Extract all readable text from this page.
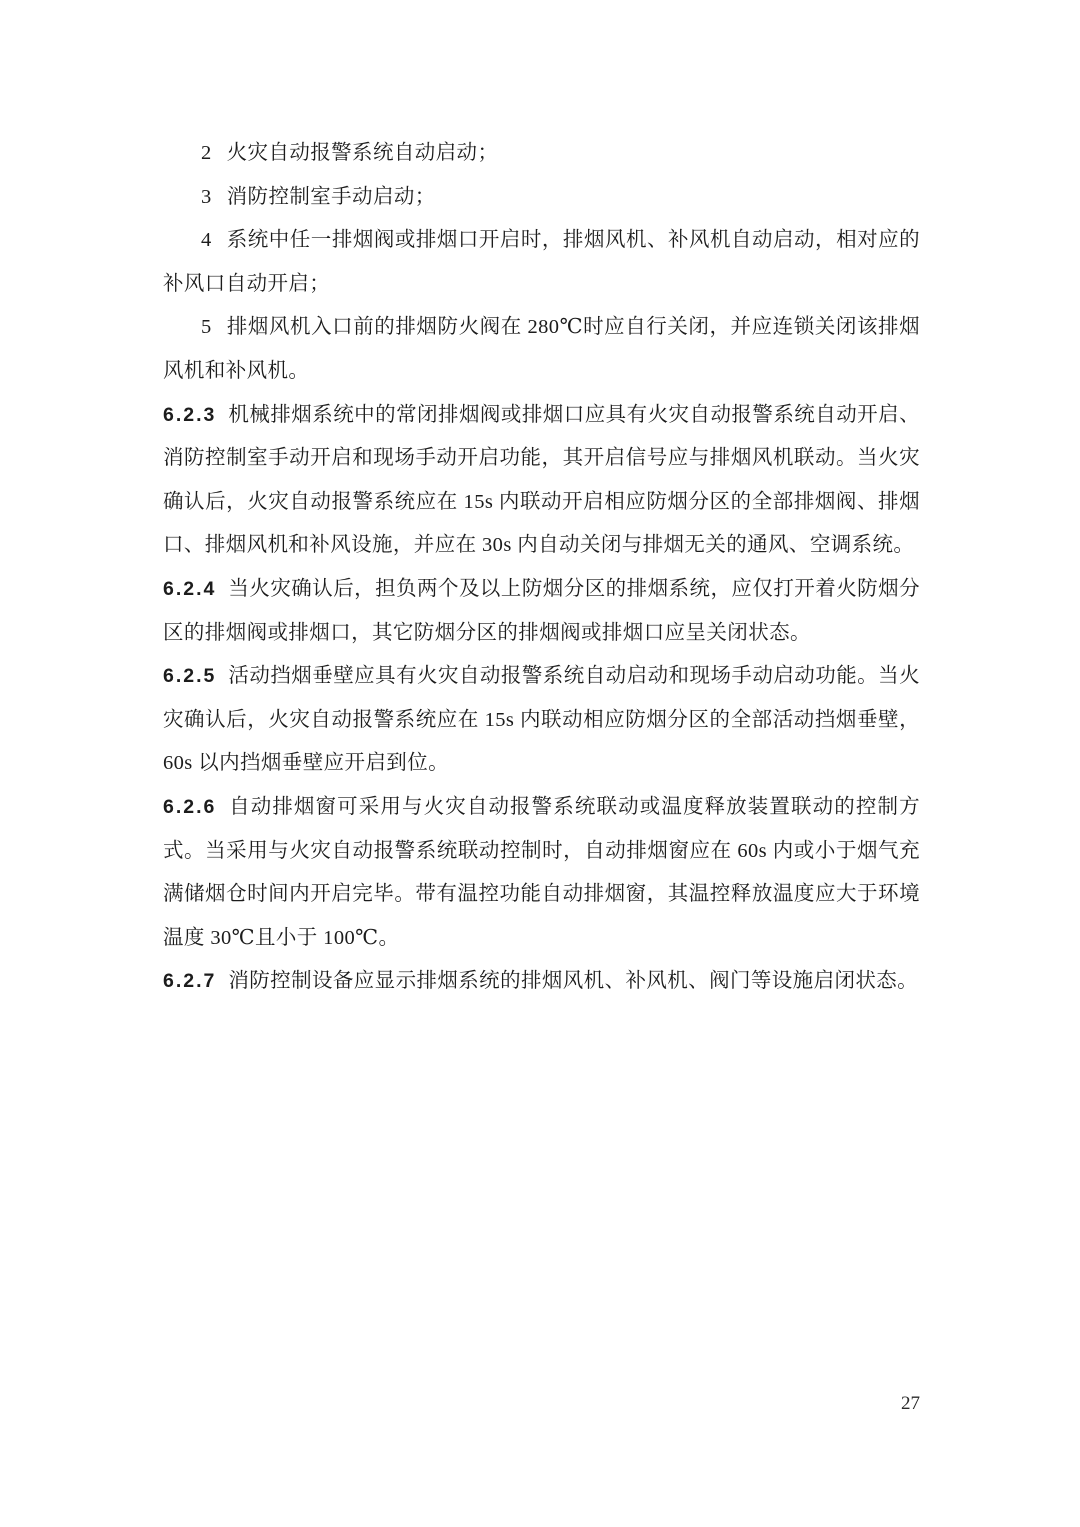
2 火灾自动报警系统自动启动；

3 消防控制室手动启动；

4 系统中任一排烟阀或排烟口开启时，排烟风机、补风机自动启动，相对应的补风口自动开启；

5 排烟风机入口前的排烟防火阀在 280℃时应自行关闭，并应连锁关闭该排烟风机和补风机。

6.2.3 机械排烟系统中的常闭排烟阀或排烟口应具有火灾自动报警系统自动开启、消防控制室手动开启和现场手动开启功能，其开启信号应与排烟风机联动。当火灾确认后，火灾自动报警系统应在 15s 内联动开启相应防烟分区的全部排烟阀、排烟口、排烟风机和补风设施，并应在 30s 内自动关闭与排烟无关的通风、空调系统。

6.2.4 当火灾确认后，担负两个及以上防烟分区的排烟系统，应仅打开着火防烟分区的排烟阀或排烟口，其它防烟分区的排烟阀或排烟口应呈关闭状态。

6.2.5 活动挡烟垂壁应具有火灾自动报警系统自动启动和现场手动启动功能。当火灾确认后，火灾自动报警系统应在 15s 内联动相应防烟分区的全部活动挡烟垂壁，60s 以内挡烟垂壁应开启到位。

6.2.6 自动排烟窗可采用与火灾自动报警系统联动或温度释放装置联动的控制方式。当采用与火灾自动报警系统联动控制时，自动排烟窗应在 60s 内或小于烟气充满储烟仓时间内开启完毕。带有温控功能自动排烟窗，其温控释放温度应大于环境温度 30℃且小于 100℃。

6.2.7 消防控制设备应显示排烟系统的排烟风机、补风机、阀门等设施启闭状态。

27
